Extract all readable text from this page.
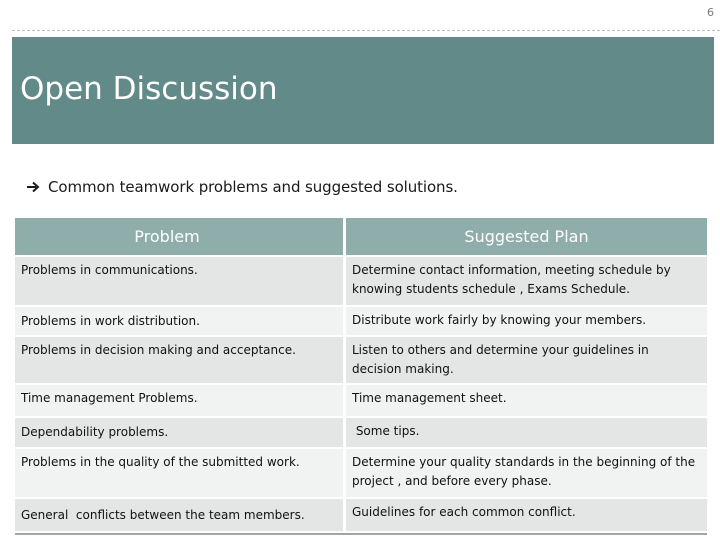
6
Open Discussion
Common teamwork problems and suggested solutions.
Problem	Suggested Plan
Problems in communications.	Determine contact information, meeting schedule by knowing students schedule , Exams Schedule.
Problems in work distribution.	Distribute work fairly by knowing your members.
Problems in decision making and acceptance.	Listen to others and determine your guidelines in decision making.
Time management Problems.	Time management sheet.
Dependability problems.	Some tips.
Problems in the quality of the submitted work.	Determine your quality standards in the beginning of the project , and before every phase.
General  conflicts between the team members.	Guidelines for each common conflict.
